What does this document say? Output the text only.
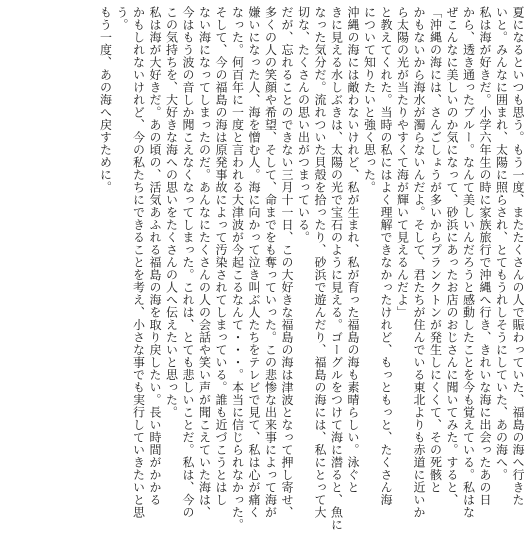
夏になるといつも思う。もう一度、またたくさんの人で賑わっていた、福島の海へ行きた
いと。みんなに囲まれ、太陽に照らされ、とてもうれしそうにしていた、あの海へ。
私は海が好きだ。小学六年生の時に家族旅行で沖縄へ行き、きれいな海に出会ったあの日
から、透き通ったブルー。なんて美しいんだろうと感動したことを今も覚えている。私はな
ぜこんなに美しいのか気になって、砂浜にあったお店のおじさんに聞いてみた。すると、
「沖縄の海には、さんごしょうが多いからプランクトンが発生しにくくて、その死骸と
かもないから海水が濁らないんだよ。そして、君たちが住んでいる東北よりも赤道に近いか
ら太陽の光が当たりやすくて海が輝いて見えるんだよ」
と教えてくれた。当時の私にはよく理解できなかったけれど、もっともっと、たくさん海
について知りたいと強く思った。
沖縄の海には敵わないけれど、私が生まれ、私が育った福島の海も素晴らしい。泳ぐと
きに見える水しぶきは、太陽の光で宝石のように見える。ゴーグルをつけて海に潜ると、魚に
なった気分だ。流れついた貝殻を拾ったり、砂浜で遊んだり、福島の海には、私にとって大
切な、たくさんの思い出がつまっている。
だが、忘れることのできない三月十一日、この大好きな福島の海は津波となって押し寄せ、
多くの人の笑顔や希望、そして、命までをも奪っていった。この悲惨な出来事によって海が
嫌いになった人、海を憎む人。海に向かって泣き叫ぶ人たちをテレビで見て、私は心が痛く
なった。何百年に一度と言われる大津波が今起こるなんて・・・。本当に信じられなかった。
そして、今の福島の海は原発事故によって汚染されてしまっている。誰も近づこうとはし
ない海になってしまったのだ。あんなにたくさんの人の会話や笑い声が聞こえていた海は、
今はもう波の音しか聞こえなくなってしまった。これは、とても悲しいことだ。私は、今の
この気持ちを、大好きな海への思いをたくさんの人へ伝えたいと思った。
私は海が大好きだ。あの頃の、活気あふれる福島の海を取り戻したい。長い時間がかかる
かもしれないけれど、今の私たちにできることを考え、小さな事でも実行していきたいと思
う。
もう一度、あの海へ戻すために。
